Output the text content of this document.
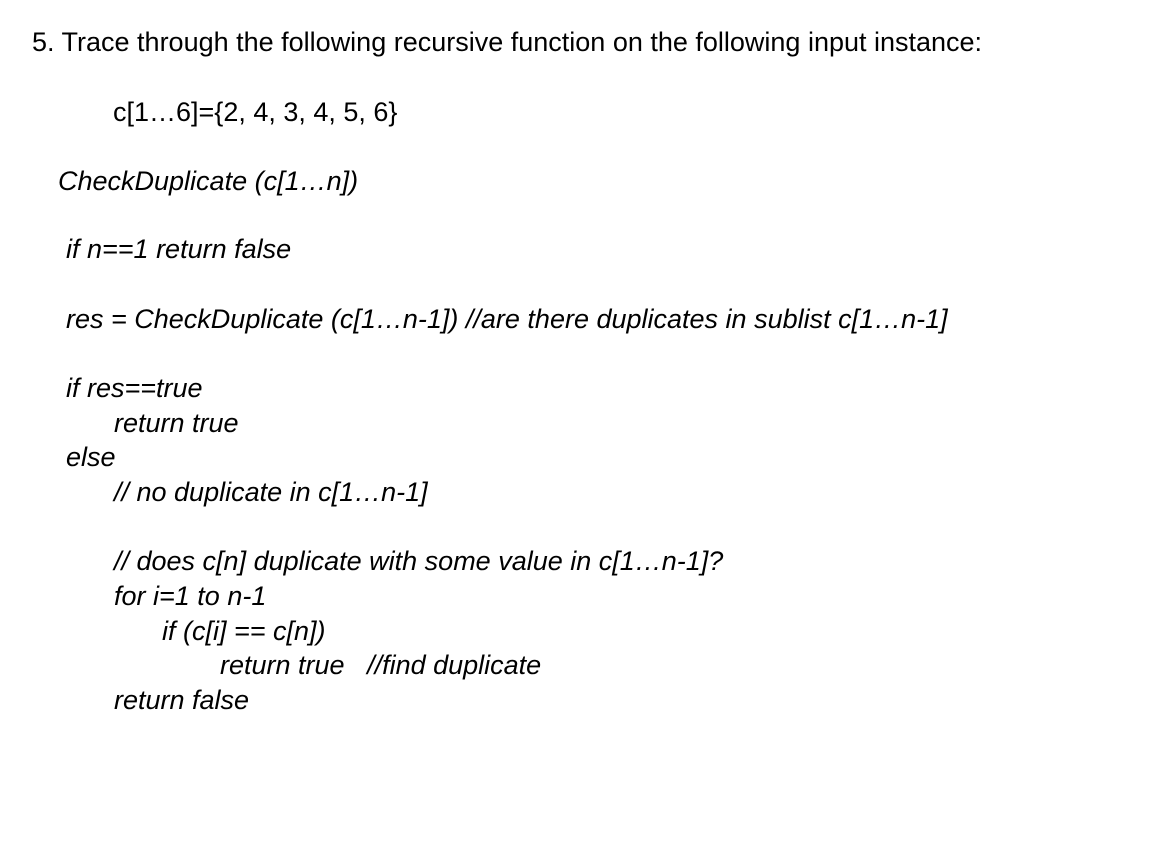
5. Trace through the following recursive function on the following input instance:
c[1…6]={2, 4, 3, 4, 5, 6}
CheckDuplicate (c[1…n])
if n==1 return false
res = CheckDuplicate (c[1…n-1]) //are there duplicates in sublist c[1…n-1]
if res==true
return true
else
// no duplicate in c[1…n-1]
// does c[n] duplicate with some value in c[1…n-1]?
for i=1 to n-1
if (c[i] == c[n])
return true   //find duplicate
return false
